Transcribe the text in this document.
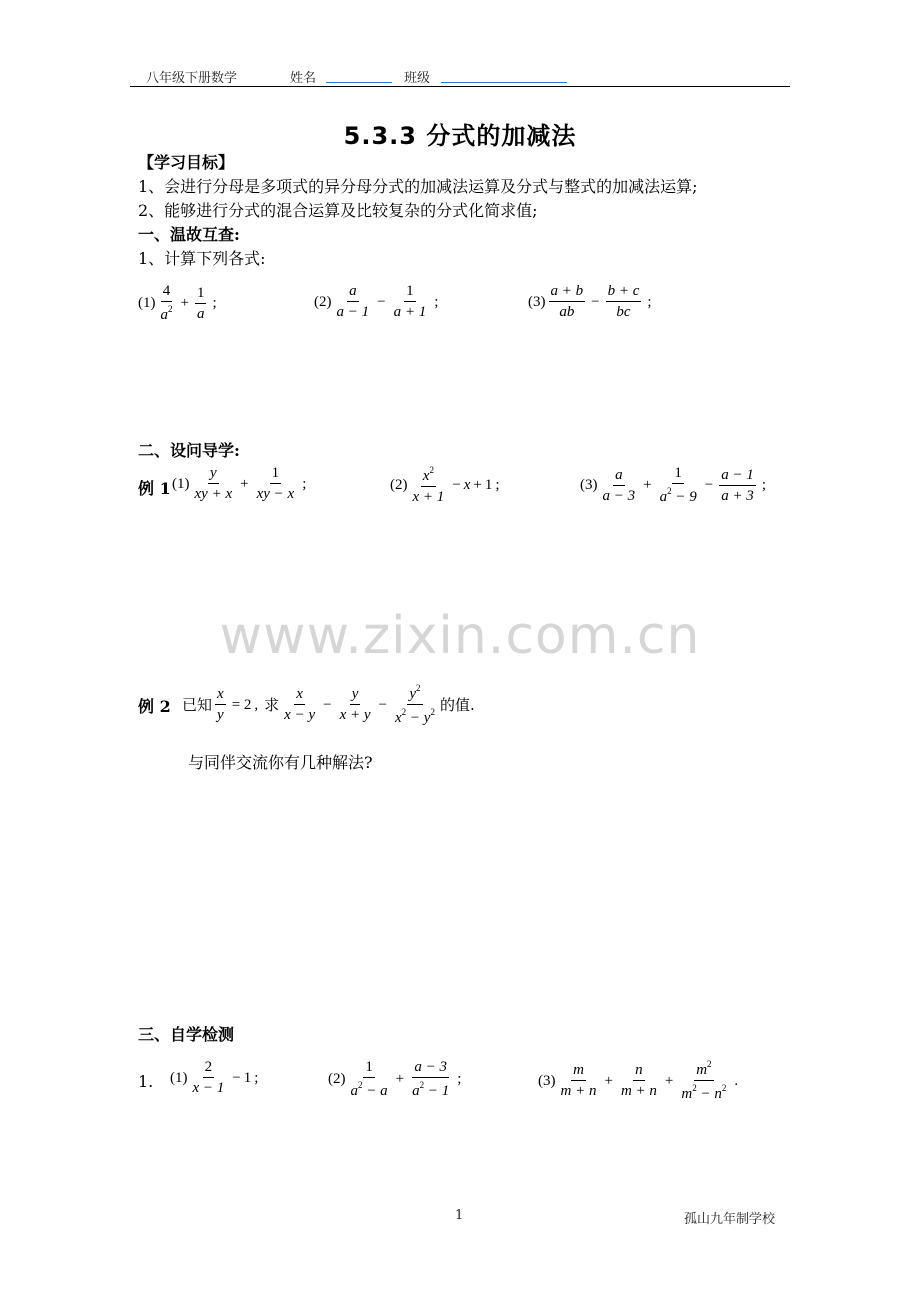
八年级下册数学	姓名	班级
5.3.3 分式的加减法
【学习目标】
1、会进行分母是多项式的异分母分式的加减法运算及分式与整式的加减法运算;
2、能够进行分式的混合运算及比较复杂的分式化简求值;
一、温故互查:
1、计算下列各式:
$(1) \frac{4}{a^2} + \frac{1}{a}$ ;	$(2) \frac{a}{a - 1} - \frac{1}{a + 1}$ ;	$(3) \frac{a + b}{ab} - \frac{b + c}{bc}$ ;
二、设问导学:
例 1 $(1) \frac{y}{xy + x} + \frac{1}{xy - x}$ ;	$(2) \frac{x^2}{x + 1} - x + 1$ ;	$(3) \frac{a}{a - 3} + \frac{1}{a^2 - 9} - \frac{a - 1}{a + 3}$ ;
www.zixin.com.cn
例 2 已知 $\frac{x}{y} = 2$ , 求 $\frac{x}{x - y} - \frac{y}{x + y} - \frac{y^2}{x^2 - y^2}$ 的值.
与同伴交流你有几种解法?
三、自学检测
1. $(1) \frac{2}{x - 1} - 1$ ;	$(2) \frac{1}{a^2 - a} + \frac{a - 3}{a^2 - 1}$ ;	$(3) \frac{m}{m + n} + \frac{n}{m + n} + \frac{m^2}{m^2 - n^2}$ .
1	孤山九年制学校
